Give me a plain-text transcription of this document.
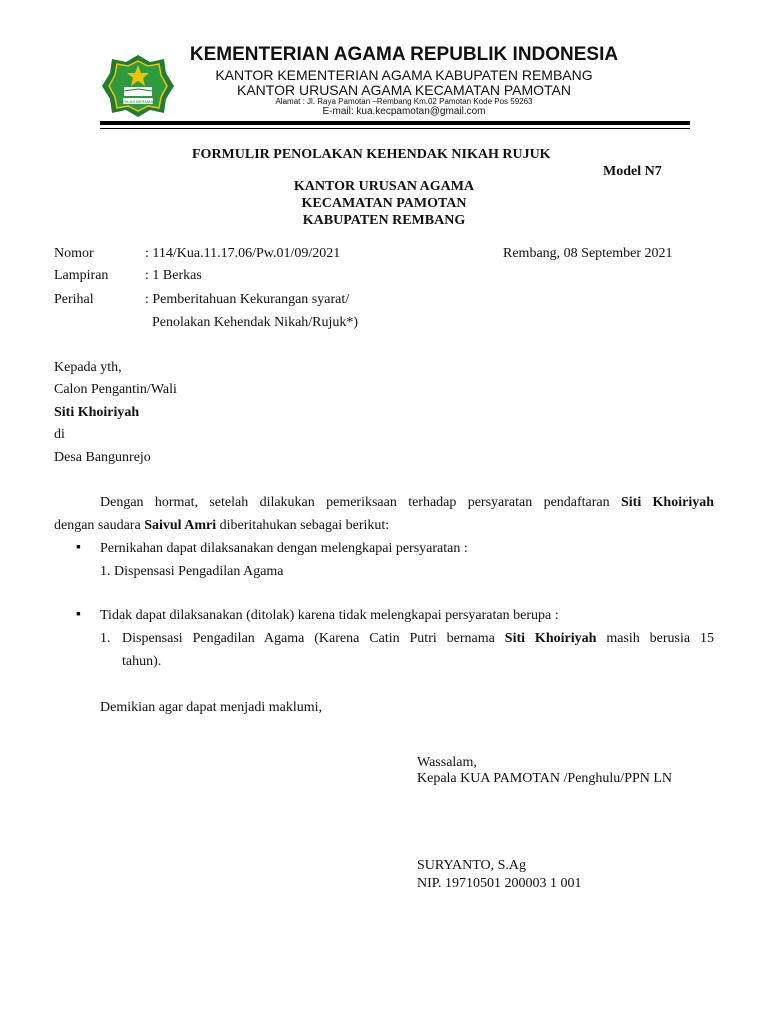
IKHLAS BERAMAL
KEMENTERIAN AGAMA REPUBLIK INDONESIA
KANTOR KEMENTERIAN AGAMA KABUPATEN REMBANG
KANTOR URUSAN AGAMA KECAMATAN PAMOTAN
Alamat : Jl. Raya Pamotan –Rembang Km.02 Pamotan Kode Pos 59263
E-mail: kua.kecpamotan@gmail.com
FORMULIR PENOLAKAN KEHENDAK NIKAH RUJUK
Model N7
KANTOR URUSAN AGAMA
KECAMATAN PAMOTAN
KABUPATEN REMBANG
Nomor	: 114/Kua.11.17.06/Pw.01/09/2021	Rembang, 08 September 2021
Lampiran	: 1 Berkas
Perihal	: Pemberitahuan Kekurangan syarat/
Penolakan Kehendak Nikah/Rujuk*)
Kepada yth,
Calon Pengantin/Wali
Siti Khoiriyah
di
Desa Bangunrejo
Dengan hormat, setelah dilakukan pemeriksaan terhadap persyaratan pendaftaran Siti Khoiriyah
dengan saudara Saivul Amri diberitahukan sebagai berikut:
▪ Pernikahan dapat dilaksanakan dengan melengkapai persyaratan :
1. Dispensasi Pengadilan Agama
▪ Tidak dapat dilaksanakan (ditolak) karena tidak melengkapai persyaratan berupa :
1. Dispensasi Pengadilan Agama (Karena Catin Putri bernama Siti Khoiriyah masih berusia 15
tahun).
Demikian agar dapat menjadi maklumi,
Wassalam,
Kepala KUA PAMOTAN /Penghulu/PPN LN
SURYANTO, S.Ag
NIP. 19710501 200003 1 001
